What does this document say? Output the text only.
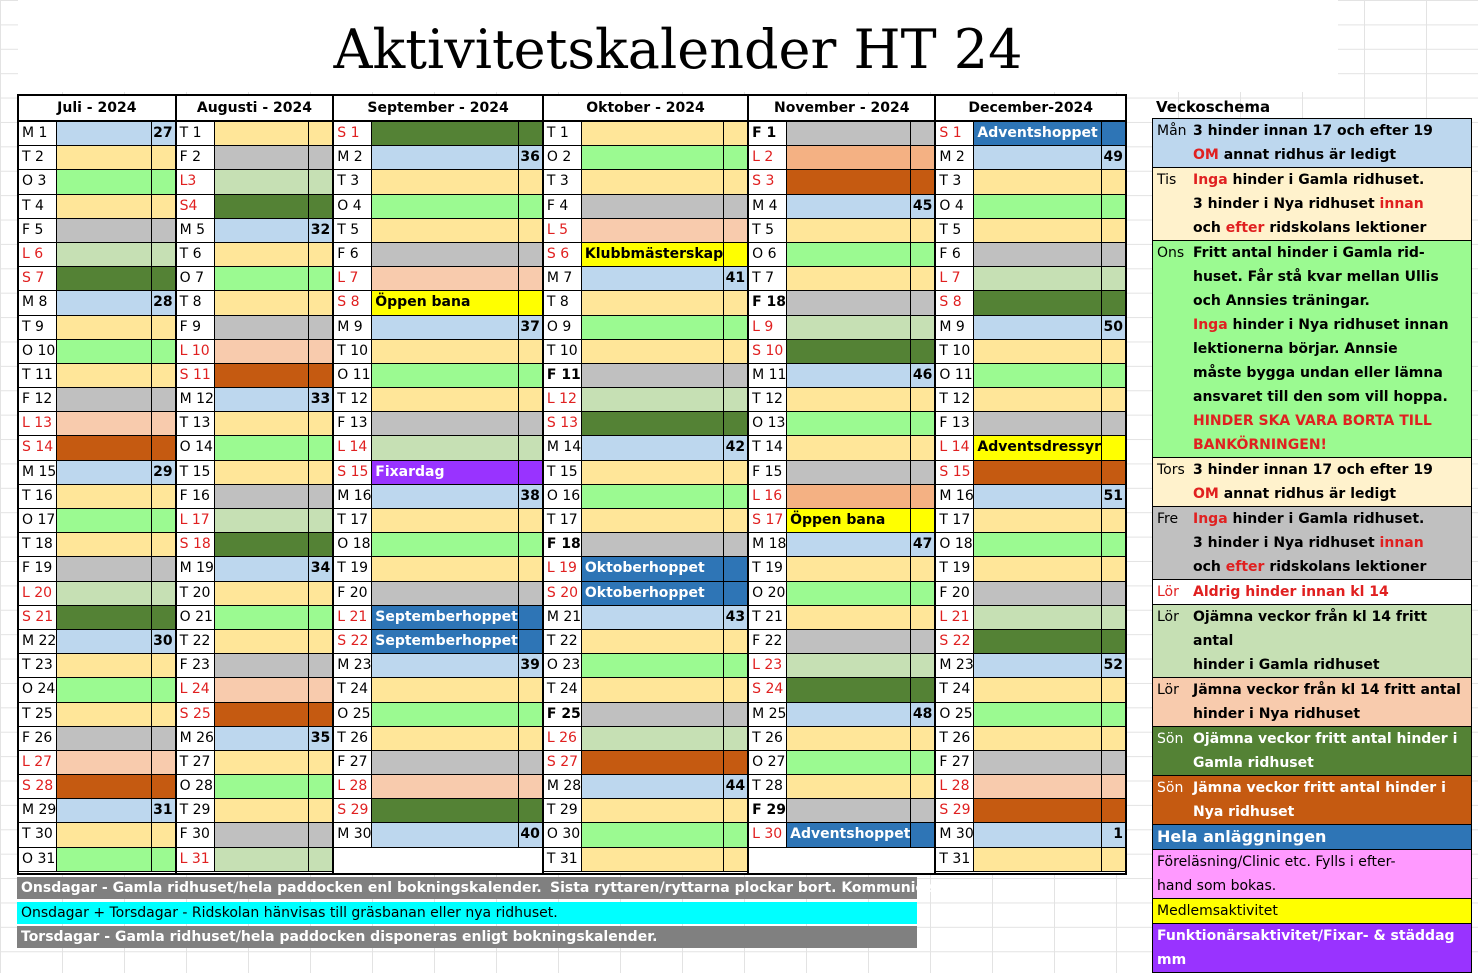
Aktivitetskalender HT 24
Juli - 2024
M 1	27
T 2
O 3
T 4
F 5
L 6
S 7
M 8	28
T 9
O 10
T 11
F 12
L 13
S 14
M 15	29
T 16
O 17
T 18
F 19
L 20
S 21
M 22	30
T 23
O 24
T 25
F 26
L 27
S 28
M 29	31
T 30
O 31
Augusti - 2024
T 1
F 2
L3
S4
M 5	32
T 6
O 7
T 8
F 9
L 10
S 11
M 12	33
T 13
O 14
T 15
F 16
L 17
S 18
M 19	34
T 20
O 21
T 22
F 23
L 24
S 25
M 26	35
T 27
O 28
T 29
F 30
L 31
September - 2024
S 1
M 2	36
T 3
O 4
T 5
F 6
L 7
S 8	Öppen bana
M 9	37
T 10
O 11
T 12
F 13
L 14
S 15 Fixardag
M 16	38
T 17
O 18
T 19
F 20
L 21 Septemberhoppet
S 22 Septemberhoppet
M 23	39
T 24
O 25
T 26
F 27
L 28
S 29
M 30	40
Oktober - 2024
T 1
O 2
T 3
F 4
L 5
S 6	Klubbmästerskap
M 7	41
T 8
O 9
T 10
F 11
L 12
S 13
M 14	42
T 15
O 16
T 17
F 18
L 19 Oktoberhoppet
S 20 Oktoberhoppet
M 21	43
T 22
O 23
T 24
F 25
L 26
S 27
M 28	44
T 29
O 30
T 31
November - 2024
F 1
L 2
S 3
M 4	45
T 5
O 6
T 7
F 18
L 9
S 10
M 11	46
T 12
O 13
T 14
F 15
L 16
S 17 Öppen bana
M 18	47
T 19
O 20
T 21
F 22
L 23
S 24
M 25	48
T 26
O 27
T 28
F 29
L 30 Adventshoppet
December-2024
S 1	Adventshoppet
M 2	49
T 3
O 4
T 5
F 6
L 7
S 8
M 9	50
T 10
O 11
T 12
F 13
L 14 Adventsdressyr
S 15
M 16	51
T 17
O 18
T 19
F 20
L 21
S 22
M 23	52
T 24
O 25
T 26
F 27
L 28
S 29
M 30	1
T 31
Veckoschema
Mån 3 hinder innan 17 och efter 19
OM annat ridhus är ledigt
Tis	Inga hinder i Gamla ridhuset.
3 hinder i Nya ridhuset innan
och efter ridskolans lektioner
Ons Fritt antal hinder i Gamla rid-
huset. Får stå kvar mellan Ullis
och Annsies träningar.
Inga hinder i Nya ridhuset innan
lektionerna börjar. Annsie
måste bygga undan eller lämna
ansvaret till den som vill hoppa.
HINDER SKA VARA BORTA TILL
BANKÖRNINGEN!
Tors 3 hinder innan 17 och efter 19
OM annat ridhus är ledigt
Fre	Inga hinder i Gamla ridhuset.
3 hinder i Nya ridhuset innan
och efter ridskolans lektioner
Lör	Aldrig hinder innan kl 14
Lör	Ojämna veckor från kl 14 fritt antal
hinder i Gamla ridhuset
Lör	Jämna veckor från kl 14 fritt antal
hinder i Nya ridhuset
Sön Ojämna veckor fritt antal hinder i
Gamla ridhuset
Sön Jämna veckor fritt antal hinder i
Nya ridhuset
Hela anläggningen
Föreläsning/Clinic etc. Fylls i efter-
hand som bokas.
Medlemsaktivitet
Funktionärsaktivitet/Fixar- & städdag mm
Onsdagar - Gamla ridhuset/hela paddocken enl bokningskalender. Sista ryttaren/ryttarna plockar bort. Kommunicera!
Onsdagar + Torsdagar - Ridskolan hänvisas till gräsbanan eller nya ridhuset.
Torsdagar - Gamla ridhuset/hela paddocken disponeras enligt bokningskalender.
